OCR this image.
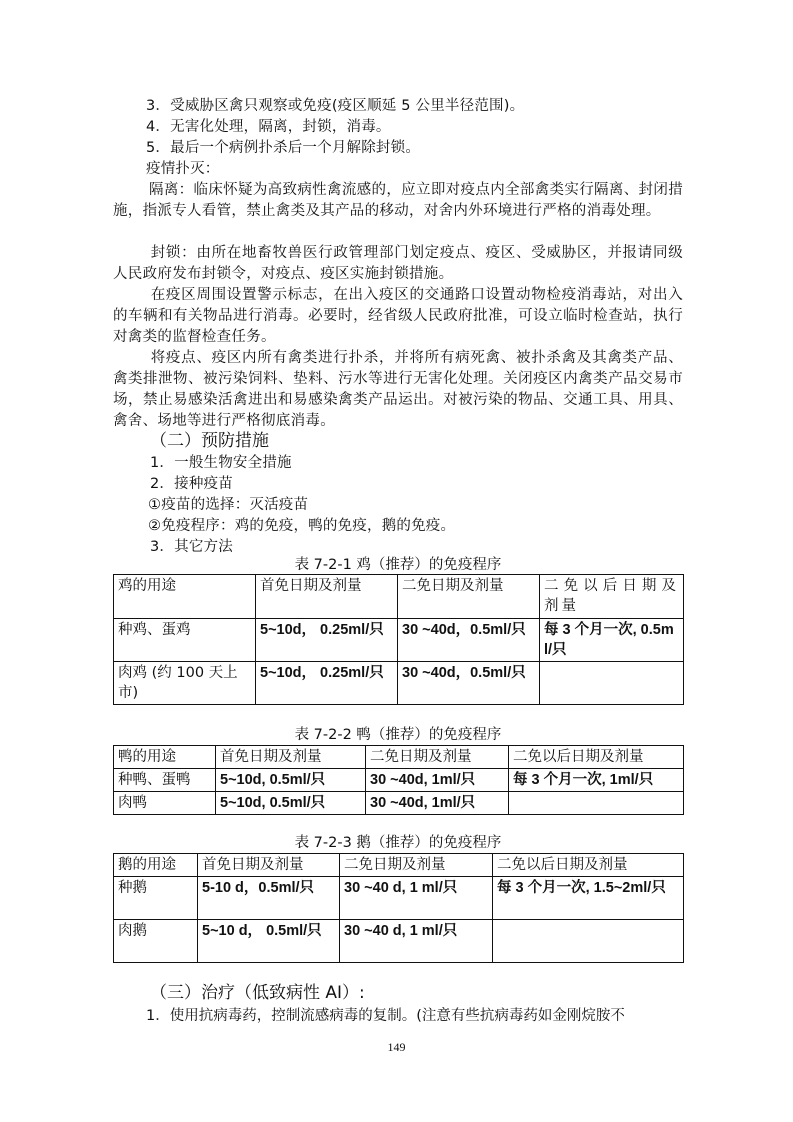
3．受威胁区禽只观察或免疫(疫区顺延 5 公里半径范围)。
4．无害化处理，隔离，封锁，消毒。
5．最后一个病例扑杀后一个月解除封锁。
疫情扑灭：
隔离：临床怀疑为高致病性禽流感的，应立即对疫点内全部禽类实行隔离、封闭措施，指派专人看管，禁止禽类及其产品的移动，对舍内外环境进行严格的消毒处理。
封锁：由所在地畜牧兽医行政管理部门划定疫点、疫区、受威胁区，并报请同级人民政府发布封锁令，对疫点、疫区实施封锁措施。
在疫区周围设置警示标志，在出入疫区的交通路口设置动物检疫消毒站，对出入的车辆和有关物品进行消毒。必要时，经省级人民政府批准，可设立临时检查站，执行对禽类的监督检查任务。
将疫点、疫区内所有禽类进行扑杀，并将所有病死禽、被扑杀禽及其禽类产品、禽类排泄物、被污染饲料、垫料、污水等进行无害化处理。关闭疫区内禽类产品交易市场，禁止易感染活禽进出和易感染禽类产品运出。对被污染的物品、交通工具、用具、禽舍、场地等进行严格彻底消毒。
（二）预防措施
1．一般生物安全措施
2．接种疫苗
①疫苗的选择：灭活疫苗
②免疫程序：鸡的免疫，鸭的免疫，鹅的免疫。
3．其它方法
表 7-2-1 鸡（推荐）的免疫程序
鸡的用途	首免日期及剂量	二免日期及剂量	二免以后日期及剂量
种鸡、蛋鸡	5~10d， 0.25ml/只	30 ~40d，0.5ml/只	每 3 个月一次, 0.5ml/只
肉鸡 (约 100 天上市)	5~10d， 0.25ml/只	30 ~40d，0.5ml/只	
表 7-2-2 鸭（推荐）的免疫程序
鸭的用途	首免日期及剂量	二免日期及剂量	二免以后日期及剂量
种鸭、蛋鸭	5~10d, 0.5ml/只	30 ~40d, 1ml/只	每 3 个月一次, 1ml/只
肉鸭	5~10d, 0.5ml/只	30 ~40d, 1ml/只	
表 7-2-3 鹅（推荐）的免疫程序
鹅的用途	首免日期及剂量	二免日期及剂量	二免以后日期及剂量
种鹅	5-10 d，0.5ml/只	30 ~40 d, 1 ml/只	每 3 个月一次, 1.5~2ml/只
肉鹅	5~10 d， 0.5ml/只	30 ~40 d, 1 ml/只	
（三）治疗（低致病性 AI）:
1．使用抗病毒药，控制流感病毒的复制。(注意有些抗病毒药如金刚烷胺不
149
